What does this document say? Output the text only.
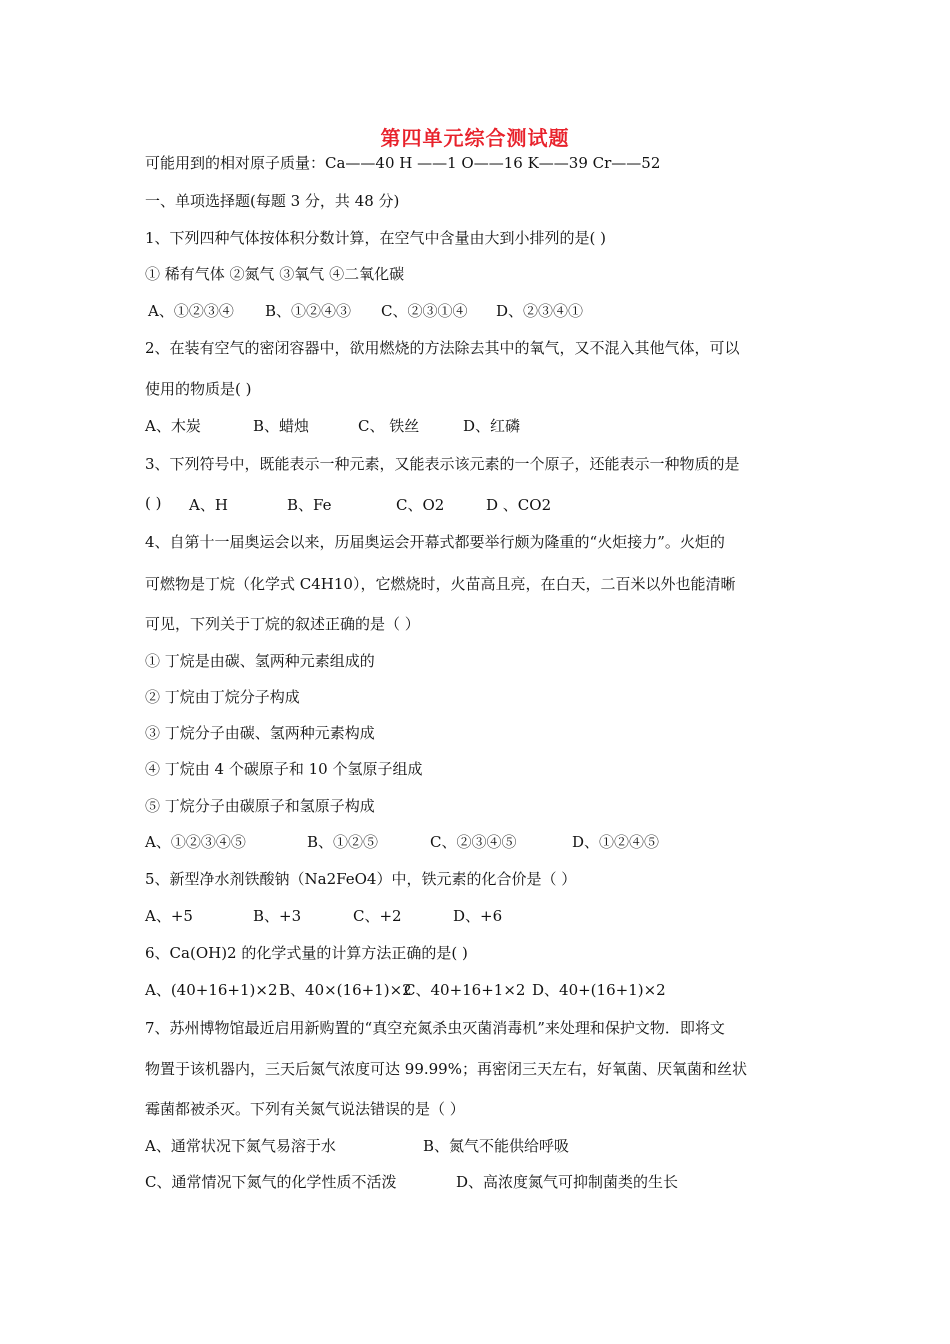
第四单元综合测试题
可能用到的相对原子质量：Ca——40 H ——1 O——16 K——39 Cr——52
一、单项选择题(每题 3 分，共 48 分)
1、下列四种气体按体积分数计算，在空气中含量由大到小排列的是( )
① 稀有气体 ②氮气 ③氧气 ④二氧化碳
A、①②③④ B、①②④③ C、②③①④ D、②③④①
2、在装有空气的密闭容器中，欲用燃烧的方法除去其中的氧气，又不混入其他气体，可以
使用的物质是( )
A、木炭	B、蜡烛	C、 铁丝	D、红磷
3、下列符号中，既能表示一种元素，又能表示该元素的一个原子，还能表示一种物质的是
( ) A、H	B、Fe	C、O2	D 、CO2
4、自第十一届奥运会以来，历届奥运会开幕式都要举行颇为隆重的“火炬接力”。火炬的
可燃物是丁烷（化学式 C4H10），它燃烧时，火苗高且亮，在白天，二百米以外也能清晰
可见，下列关于丁烷的叙述正确的是（ ）
① 丁烷是由碳、氢两种元素组成的
② 丁烷由丁烷分子构成
③ 丁烷分子由碳、氢两种元素构成
④ 丁烷由 4 个碳原子和 10 个氢原子组成
⑤ 丁烷分子由碳原子和氢原子构成
A、①②③④⑤	B、①②⑤	C、②③④⑤	D、①②④⑤
5、新型净水剂铁酸钠（Na2FeO4）中，铁元素的化合价是（ ）
A、+5	B、+3	C、+2	D、+6
6、Ca(OH)2 的化学式量的计算方法正确的是( )
A、(40+16+1)×2 B、40×(16+1)×2
C、40+16+1×2 D、40+(16+1)×2
7、苏州博物馆最近启用新购置的“真空充氮杀虫灭菌消毒机”来处理和保护文物．即将文
物置于该机器内，三天后氮气浓度可达 99.99%；再密闭三天左右，好氧菌、厌氧菌和丝状
霉菌都被杀灭。下列有关氮气说法错误的是（ ）
A、通常状况下氮气易溶于水	B、氮气不能供给呼吸
C、通常情况下氮气的化学性质不活泼	D、高浓度氮气可抑制菌类的生长
